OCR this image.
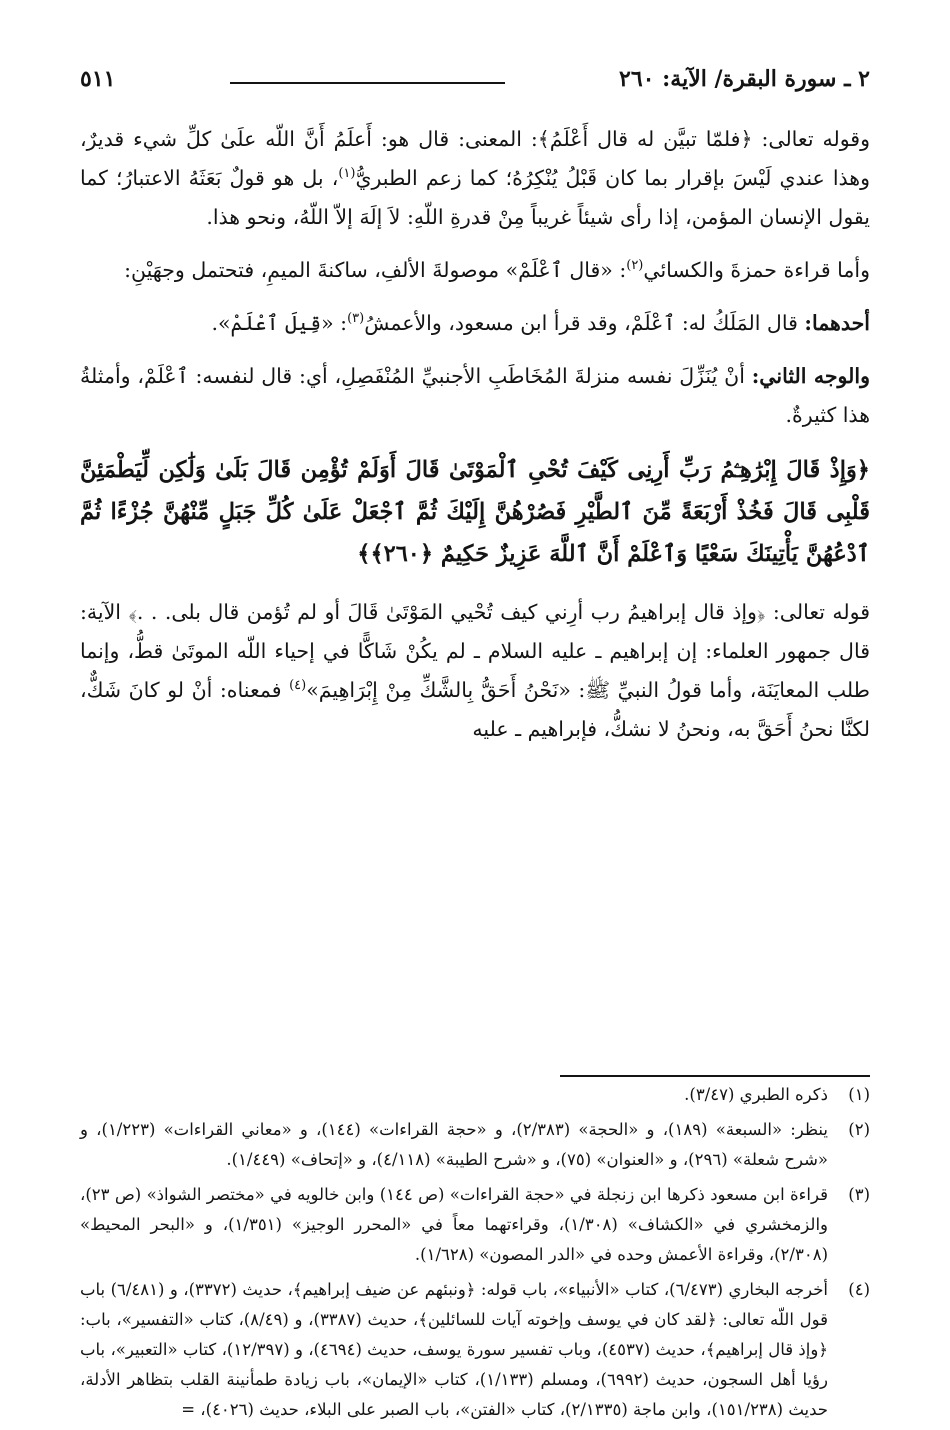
٢ ـ سورة البقرة/ الآية: ٢٦٠
٥١١

وقوله تعالى: ﴿فلمّا تبيَّن له قال أَعْلَمُ﴾: المعنى: قال هو: أَعلَمُ أَنَّ اللّه علَىٰ كلِّ شيء قديرٌ، وهذا عندي لَيْسَ بإقرار بما كان قَبْلُ يُنْكِرُهُ؛ كما زعم الطبريُّ$^{(١)}$، بل هو قولٌ بَعَثَهُ الاعتبارُ؛ كما يقول الإنسان المؤمن، إذا رأى شيئاً غريباً مِنْ قدرةِ اللّهِ: لاَ إلَهَ إلاّ اللّهُ، ونحو هذا.

وأما قراءة حمزةَ والكسائي$^{(٢)}$: «قال ٱعْلَمْ» موصولةَ الألفِ، ساكنةَ الميمِ، فتحتمل وجهَيْنِ:

أحدهما: قال المَلَكُ له: ٱعْلَمْ، وقد قرأ ابن مسعود، والأعمشُ$^{(٣)}$: «قِيلَ ٱعْلَمْ».

والوجه الثاني: أنْ يُنَزِّلَ نفسه منزلةَ المُخَاطَبِ الأجنبيِّ المُنْفَصِلِ، أي: قال لنفسه: ٱعْلَمْ، وأمثلةُ هذا كثيرةٌ.

﴿وَإِذْ قَالَ إِبْرَٰهِـۧمُ رَبِّ أَرِنِى كَيْفَ تُحْىِ ٱلْمَوْتَىٰ قَالَ أَوَلَمْ تُؤْمِن قَالَ بَلَىٰ وَلَٰكِن لِّيَطْمَئِنَّ قَلْبِى قَالَ فَخُذْ أَرْبَعَةً مِّنَ ٱلطَّيْرِ فَصُرْهُنَّ إِلَيْكَ ثُمَّ ٱجْعَلْ عَلَىٰ كُلِّ جَبَلٍ مِّنْهُنَّ جُزْءًا ثُمَّ ٱدْعُهُنَّ يَأْتِينَكَ سَعْيًا وَٱعْلَمْ أَنَّ ٱللَّهَ عَزِيزٌ حَكِيمٌ ﴿٢٦٠﴾﴾

قوله تعالى: ﴿وإذ قال إبراهيمُ رب أرِني كيف تُحْيي المَوْتَىٰ قَالَ أو لم تُؤمن قال بلى. . .﴾ الآية: قال جمهور العلماء: إن إبراهيم ـ عليه السلام ـ لم يكُنْ شَاكًّا في إحياء اللّه الموتَىٰ قطُّ، وإنما طلب المعايَنَة، وأما قولُ النبيِّ ﷺ: «نَحْنُ أَحَقُّ بِالشَّكِّ مِنْ إِبْرَاهِيمَ»$^{(٤)}$ فمعناه: أنْ لو كانَ شَكٌّ، لكنَّا نحنُ أَحَقَّ به، ونحنُ لا نشكُّ، فإبراهيم ـ عليه

(١)

ذكره الطبري (٣/٤٧).

(٢)

ينظر: «السبعة» (١٨٩)، و «الحجة» (٢/٣٨٣)، و «حجة القراءات» (١٤٤)، و «معاني القراءات» (١/٢٢٣)، و «شرح شعلة» (٢٩٦)، و «العنوان» (٧٥)، و «شرح الطيبة» (٤/١١٨)، و «إتحاف» (١/٤٤٩).

(٣)

قراءة ابن مسعود ذكرها ابن زنجلة في «حجة القراءات» (ص ١٤٤) وابن خالويه في «مختصر الشواذ» (ص ٢٣)، والزمخشري في «الكشاف» (١/٣٠٨)، وقراءتهما معاً في «المحرر الوجيز» (١/٣٥١)، و «البحر المحيط» (٢/٣٠٨)، وقراءة الأعمش وحده في «الدر المصون» (١/٦٢٨).

(٤)

أخرجه البخاري (٦/٤٧٣)، كتاب «الأنبياء»، باب قوله: ﴿ونبئهم عن ضيف إبراهيم﴾، حديث (٣٣٧٢)، و (٦/٤٨١) باب قول اللّه تعالى: ﴿لقد كان في يوسف وإخوته آيات للسائلين﴾، حديث (٣٣٨٧)، و (٨/٤٩)، كتاب «التفسير»، باب: ﴿وإذ قال إبراهيم﴾، حديث (٤٥٣٧)، وباب تفسير سورة يوسف، حديث (٤٦٩٤)، و (١٢/٣٩٧)، كتاب «التعبير»، باب رؤيا أهل السجون، حديث (٦٩٩٢)، ومسلم (١/١٣٣)، كتاب «الإيمان»، باب زيادة طمأنينة القلب بتظاهر الأدلة، حديث (١٥١/٢٣٨)، وابن ماجة (٢/١٣٣٥)، كتاب «الفتن»، باب الصبر على البلاء، حديث (٤٠٢٦)، =
